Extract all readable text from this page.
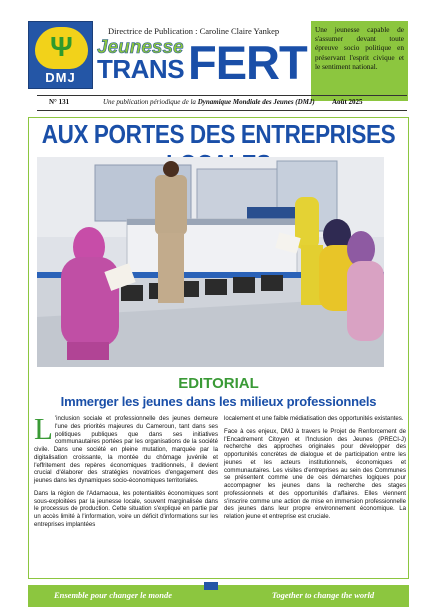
Ψ
DMJ
Directrice de Publication : Caroline Claire Yankep
Jeunesse
TRANS FERT
Une jeunesse capable de s'assumer devant toute épreuve socio politique en préservant l'esprit civique et le sentiment national.
N° 131	Une publication périodique de la Dynamique Mondiale des Jeunes (DMJ) Août 2025
AUX PORTES DES ENTREPRISES
EDITORIAL
Immerger les jeunes dans les milieux professionnels

L 'inclusion sociale et professionnelle des jeunes demeure l'une des priorités majeures du Cameroun, tant dans ses politiques publiques que dans ses initiatives communautaires portées par les organisations de la société civile. Dans une société en pleine mutation, marquée par la digitalisation croissante, la montée du chômage juvénile et l'effritement des repères économiques traditionnels, il devient crucial d'élaborer des stratégies novatrices d'engagement des jeunes dans les dynamiques socio-économiques territoriales.

Dans la région de l'Adamaoua, les potentialités économiques sont sous-exploitées par la jeunesse locale, souvent marginalisée dans le processus de production. Cette situation s'explique en partie par un accès limité à l'information, voire un déficit d'informations sur les entreprises implantées

localement et une faible médiatisation des opportunités existantes.

Face à ces enjeux, DMJ à travers le Projet de Renforcement de l'Encadrement Citoyen et l'Inclusion des Jeunes (PRECI-J) recherche des approches originales pour développer des opportunités concrètes de dialogue et de participation entre les jeunes et les acteurs institutionnels, économiques et communautaires. Les visites d'entreprises au sein des Communes se présentent comme une de ces démarches logiques pour accompagner les jeunes dans la recherche des stages professionnels et des opportunités d'affaires. Elles viennent s'inscrire comme une action de mise en immersion professionnelle des jeunes dans leur propre environnement économique. La relation jeune et entreprise est cruciale.

Ensemble pour changer le monde	Together to change the world
